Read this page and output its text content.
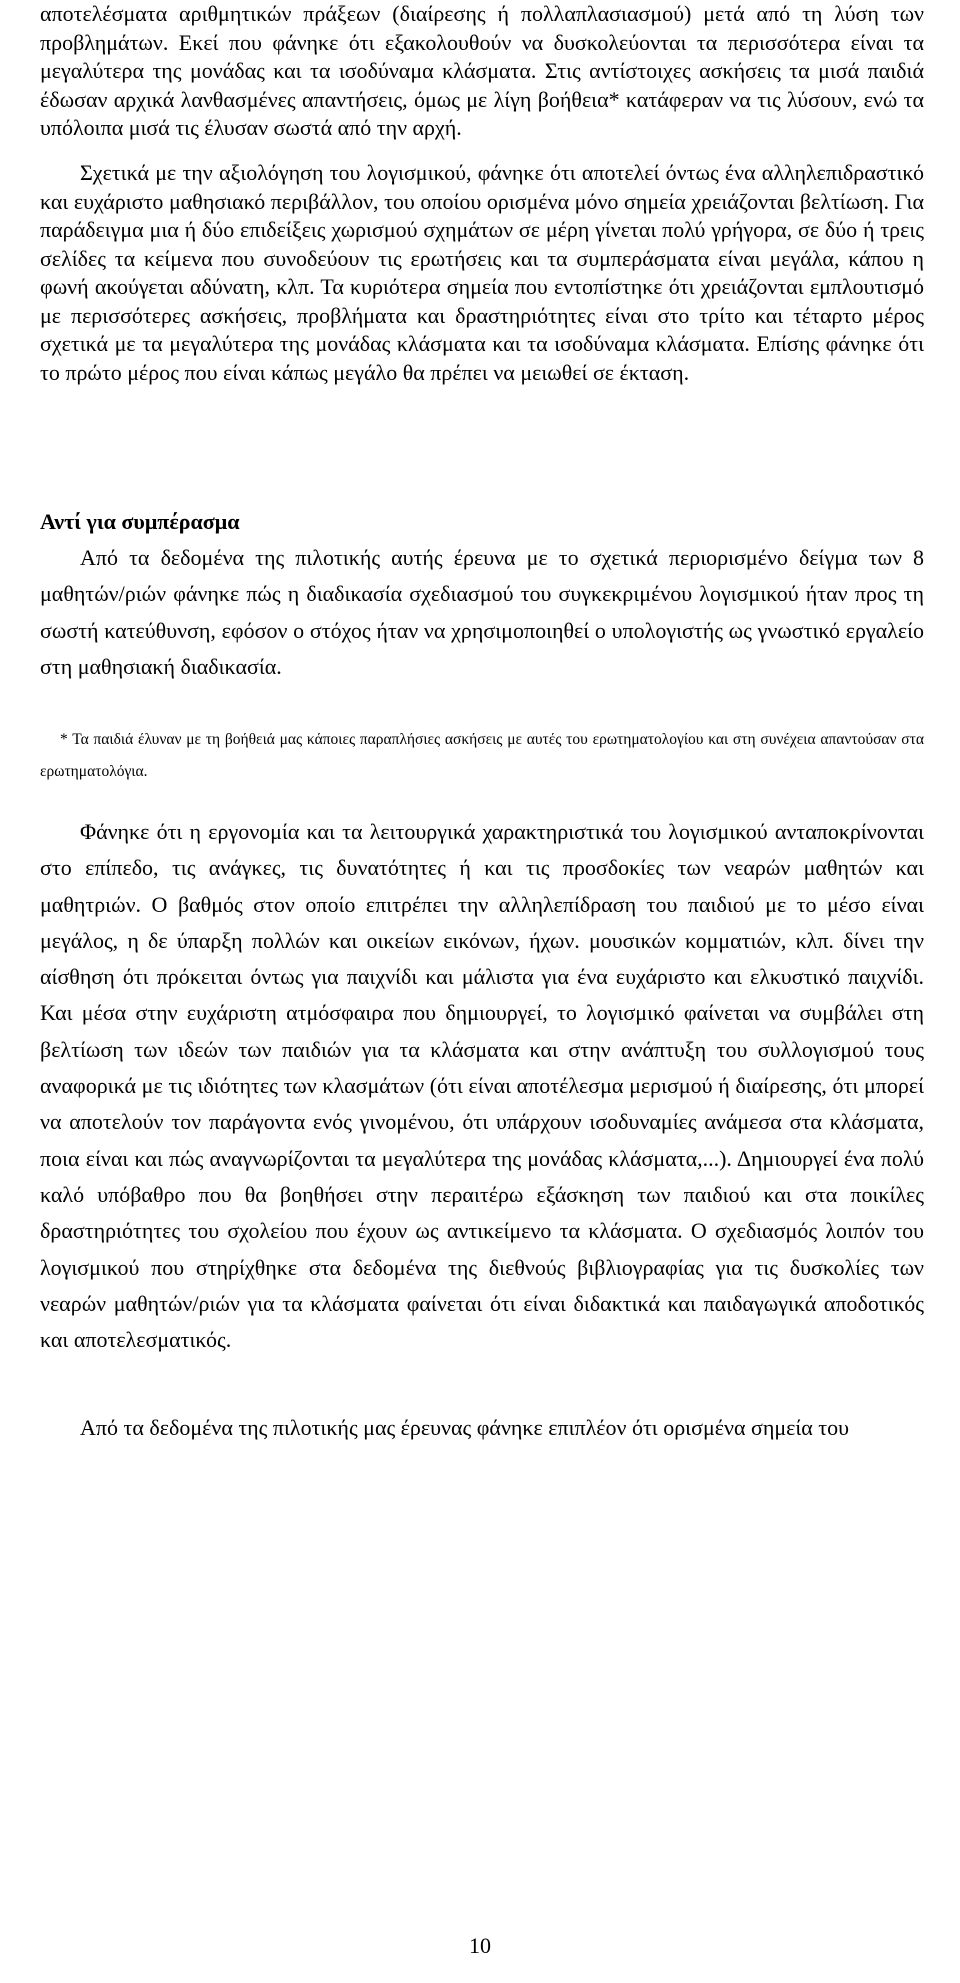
αποτελέσματα αριθμητικών πράξεων (διαίρεσης ή πολλαπλασιασμού) μετά από τη λύση των προβλημάτων. Εκεί που φάνηκε ότι εξακολουθούν να δυσκολεύονται τα περισσότερα είναι τα μεγαλύτερα της μονάδας και τα ισοδύναμα κλάσματα. Στις αντίστοιχες ασκήσεις τα μισά παιδιά έδωσαν αρχικά λανθασμένες απαντήσεις, όμως με λίγη βοήθεια* κατάφεραν να τις λύσουν, ενώ τα υπόλοιπα μισά τις έλυσαν σωστά από την αρχή.

Σχετικά με την αξιολόγηση του λογισμικού, φάνηκε ότι αποτελεί όντως ένα αλληλεπιδραστικό και ευχάριστο μαθησιακό περιβάλλον, του οποίου ορισμένα μόνο σημεία χρειάζονται βελτίωση. Για παράδειγμα μια ή δύο επιδείξεις χωρισμού σχημάτων σε μέρη γίνεται πολύ γρήγορα, σε δύο ή τρεις σελίδες τα κείμενα που συνοδεύουν τις ερωτήσεις και τα συμπεράσματα είναι μεγάλα, κάπου η φωνή ακούγεται αδύνατη, κλπ. Τα κυριότερα σημεία που εντοπίστηκε ότι χρειάζονται εμπλουτισμό με περισσότερες ασκήσεις, προβλήματα και δραστηριότητες είναι στο τρίτο και τέταρτο μέρος σχετικά με τα μεγαλύτερα της μονάδας κλάσματα και τα ισοδύναμα κλάσματα. Επίσης φάνηκε ότι το πρώτο μέρος που είναι κάπως μεγάλο θα πρέπει να μειωθεί σε έκταση.

Αντί για συμπέρασμα

Από τα δεδομένα της πιλοτικής αυτής έρευνα με το σχετικά περιορισμένο δείγμα των 8 μαθητών/ριών φάνηκε πώς η διαδικασία σχεδιασμού του συγκεκριμένου λογισμικού ήταν προς τη σωστή κατεύθυνση, εφόσον ο στόχος ήταν να χρησιμοποιηθεί ο υπολογιστής ως γνωστικό εργαλείο στη μαθησιακή διαδικασία.

* Τα παιδιά έλυναν με τη βοήθειά μας κάποιες παραπλήσιες ασκήσεις με αυτές του ερωτηματολογίου και στη συνέχεια απαντούσαν στα ερωτηματολόγια.

Φάνηκε ότι η εργονομία και τα λειτουργικά χαρακτηριστικά του λογισμικού ανταποκρίνονται στο επίπεδο, τις ανάγκες, τις δυνατότητες ή και τις προσδοκίες των νεαρών μαθητών και μαθητριών. Ο βαθμός στον οποίο επιτρέπει την αλληλεπίδραση του παιδιού με το μέσο είναι μεγάλος, η δε ύπαρξη πολλών και οικείων εικόνων, ήχων. μουσικών κομματιών, κλπ. δίνει την αίσθηση ότι πρόκειται όντως για παιχνίδι και μάλιστα για ένα ευχάριστο και ελκυστικό παιχνίδι. Και μέσα στην ευχάριστη ατμόσφαιρα που δημιουργεί, το λογισμικό φαίνεται να συμβάλει στη βελτίωση των ιδεών των παιδιών για τα κλάσματα και στην ανάπτυξη του συλλογισμού τους αναφορικά με τις ιδιότητες των κλασμάτων (ότι είναι αποτέλεσμα μερισμού ή διαίρεσης, ότι μπορεί να αποτελούν τον παράγοντα ενός γινομένου, ότι υπάρχουν ισοδυναμίες ανάμεσα στα κλάσματα, ποια είναι και πώς αναγνωρίζονται τα μεγαλύτερα της μονάδας κλάσματα,...). Δημιουργεί ένα πολύ καλό υπόβαθρο που θα βοηθήσει στην περαιτέρω εξάσκηση των παιδιού και στα ποικίλες δραστηριότητες του σχολείου που έχουν ως αντικείμενο τα κλάσματα. Ο σχεδιασμός λοιπόν του λογισμικού που στηρίχθηκε στα δεδομένα της διεθνούς βιβλιογραφίας για τις δυσκολίες των νεαρών μαθητών/ριών για τα κλάσματα φαίνεται ότι είναι διδακτικά και παιδαγωγικά αποδοτικός και αποτελεσματικός.

Από τα δεδομένα της πιλοτικής μας έρευνας φάνηκε επιπλέον ότι ορισμένα σημεία του

10
